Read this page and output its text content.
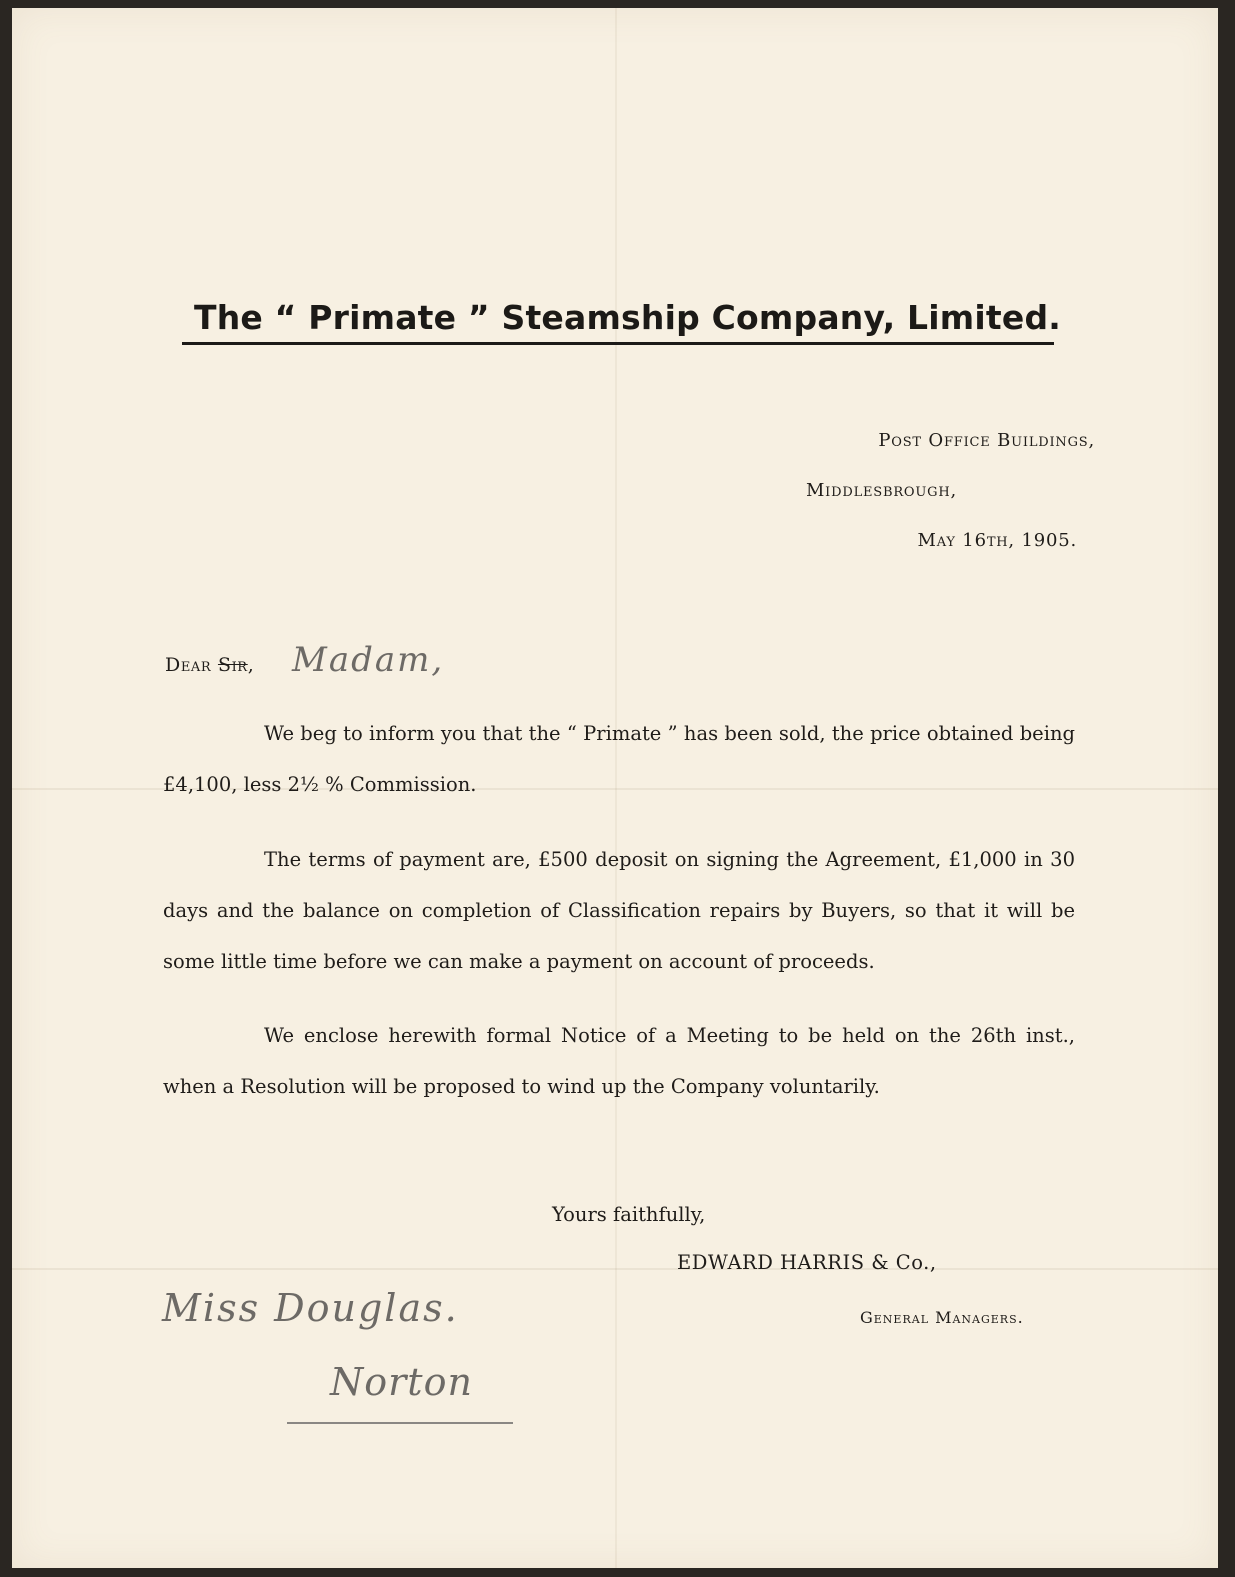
The “ Primate ” Steamship Company, Limited.
Post Office Buildings,
Middlesbrough,
May 16th, 1905.
Dear Sir, Madam,
We beg to inform you that the “ Primate ” has been sold, the price obtained being £4,100, less 2½ % Commission.
The terms of payment are, £500 deposit on signing the Agreement, £1,000 in 30 days and the balance on completion of Classification repairs by Buyers, so that it will be some little time before we can make a payment on account of proceeds.
We enclose herewith formal Notice of a Meeting to be held on the 26th inst., when a Resolution will be proposed to wind up the Company voluntarily.
Yours faithfully,
EDWARD HARRIS & Co.,
General Managers.
Miss Douglas.
Norton
